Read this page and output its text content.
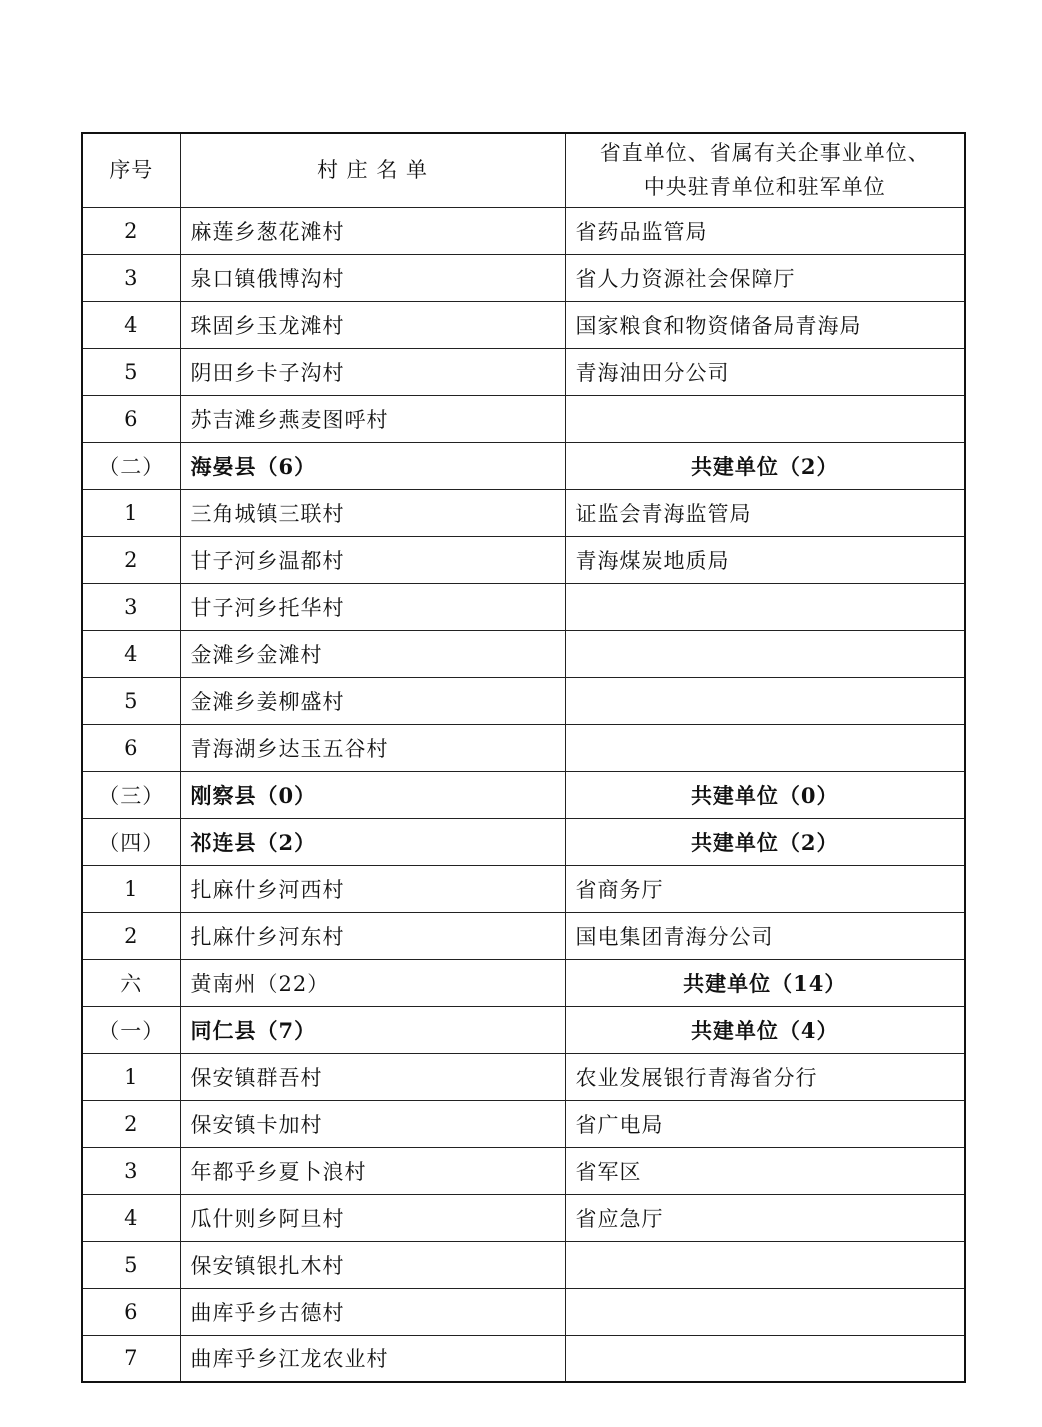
序号	村 庄 名 单	省直单位、省属有关企事业单位、
中央驻青单位和驻军单位

2	麻莲乡葱花滩村	省药品监管局
3	泉口镇俄博沟村	省人力资源社会保障厅
4	珠固乡玉龙滩村	国家粮食和物资储备局青海局
5	阴田乡卡子沟村	青海油田分公司
6	苏吉滩乡燕麦图呼村	
（二）	海晏县（6）	共建单位（2）
1	三角城镇三联村	证监会青海监管局
2	甘子河乡温都村	青海煤炭地质局
3	甘子河乡托华村	
4	金滩乡金滩村	
5	金滩乡姜柳盛村	
6	青海湖乡达玉五谷村	
（三）	刚察县（0）	共建单位（0）
（四）	祁连县（2）	共建单位（2）
1	扎麻什乡河西村	省商务厅
2	扎麻什乡河东村	国电集团青海分公司
六	黄南州（22）	共建单位（14）
（一）	同仁县（7）	共建单位（4）
1	保安镇群吾村	农业发展银行青海省分行
2	保安镇卡加村	省广电局
3	年都乎乡夏卜浪村	省军区
4	瓜什则乡阿旦村	省应急厅
5	保安镇银扎木村	
6	曲库乎乡古德村	
7	曲库乎乡江龙农业村	
